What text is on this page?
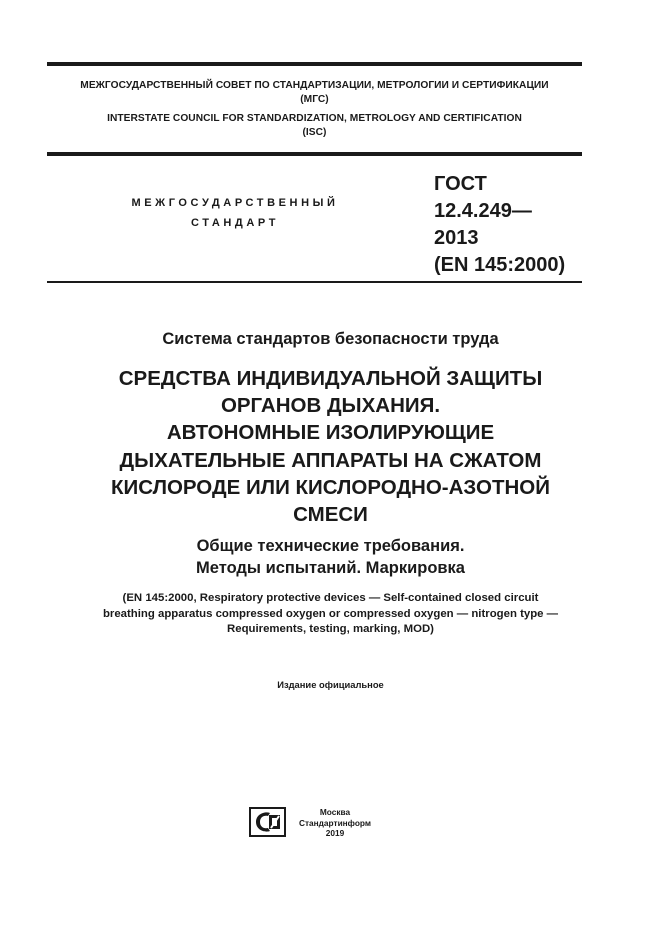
МЕЖГОСУДАРСТВЕННЫЙ СОВЕТ ПО СТАНДАРТИЗАЦИИ, МЕТРОЛОГИИ И СЕРТИФИКАЦИИ
(МГС)
INTERSTATE COUNCIL FOR STANDARDIZATION, METROLOGY AND CERTIFICATION
(ISC)
МЕЖГОСУДАРСТВЕННЫЙ
СТАНДАРТ
ГОСТ
12.4.249—
2013
(EN 145:2000)
Система стандартов безопасности труда
СРЕДСТВА ИНДИВИДУАЛЬНОЙ ЗАЩИТЫ
ОРГАНОВ ДЫХАНИЯ.
АВТОНОМНЫЕ ИЗОЛИРУЮЩИЕ
ДЫХАТЕЛЬНЫЕ АППАРАТЫ НА СЖАТОМ
КИСЛОРОДЕ ИЛИ КИСЛОРОДНО-АЗОТНОЙ
СМЕСИ
Общие технические требования.
Методы испытаний. Маркировка
(EN 145:2000, Respiratory protective devices — Self-contained closed circuit
breathing apparatus compressed oxygen or compressed oxygen — nitrogen type —
Requirements, testing, marking, MOD)
Издание официальное
Москва
Стандартинформ
2019
